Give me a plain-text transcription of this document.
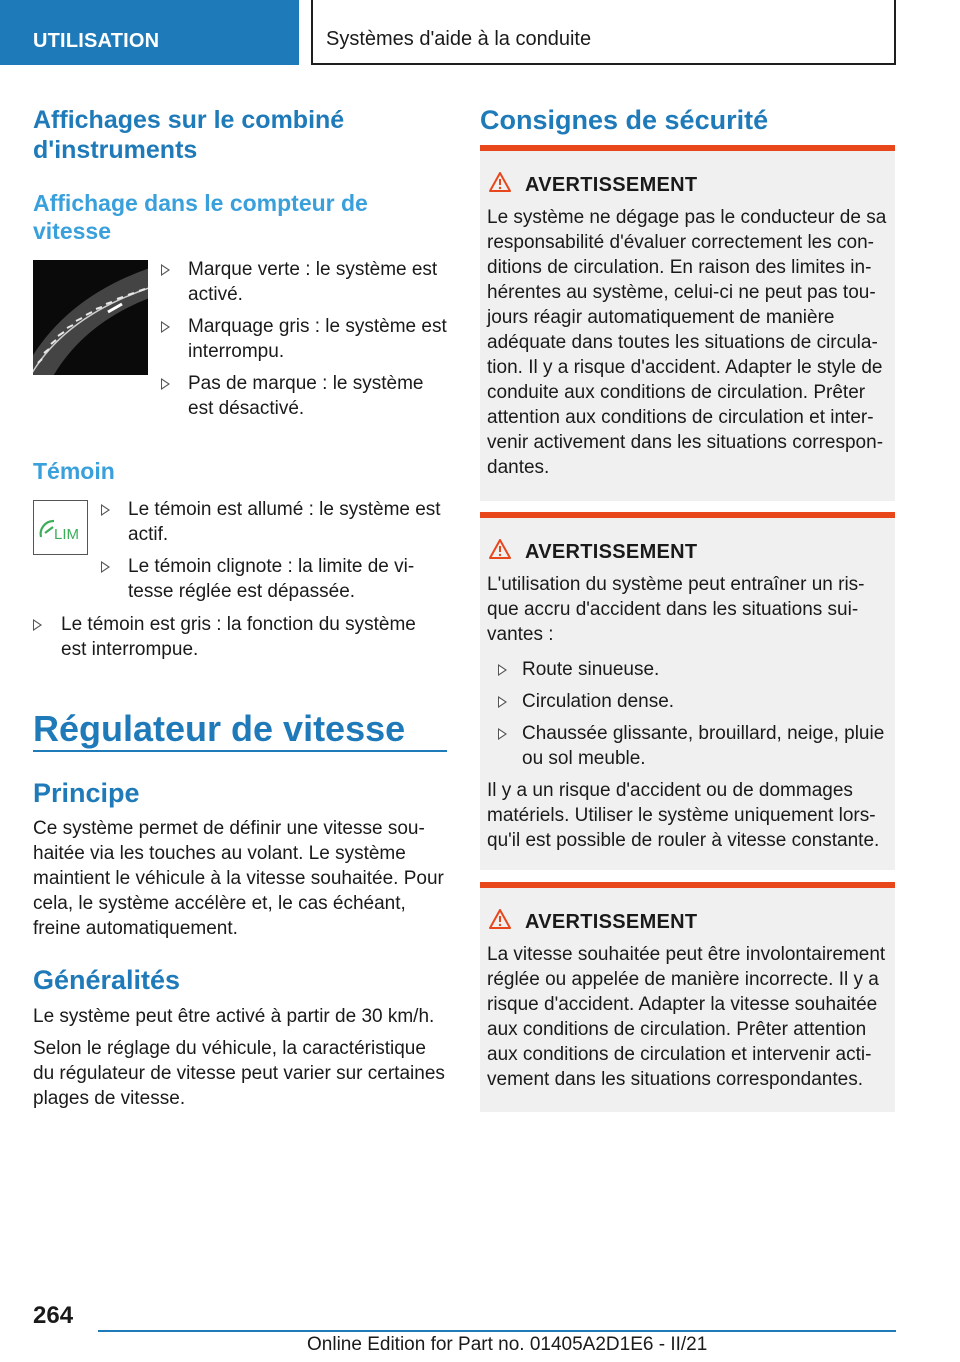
UTILISATION	Systèmes d'aide à la conduite
Affichages sur le combiné d'instruments
Affichage dans le compteur de vitesse
Marque verte : le système est activé.
Marquage gris : le système est interrompu.
Pas de marque : le système est désactivé.
Témoin
LIM
Le témoin est allumé : le système est actif.
Le témoin clignote : la limite de vi-tesse réglée est dépassée.
Le témoin est gris : la fonction du système est interrompue.
Régulateur de vitesse
Principe
Ce système permet de définir une vitesse sou-haitée via les touches au volant. Le système maintient le véhicule à la vitesse souhaitée. Pour cela, le système accélère et, le cas échéant, freine automatiquement.
Généralités
Le système peut être activé à partir de 30 km/h.
Selon le réglage du véhicule, la caractéristique du régulateur de vitesse peut varier sur certaines plages de vitesse.
Consignes de sécurité
AVERTISSEMENT
Le système ne dégage pas le conducteur de sa responsabilité d'évaluer correctement les con-ditions de circulation. En raison des limites in-hérentes au système, celui-ci ne peut pas tou-jours réagir automatiquement de manière adéquate dans toutes les situations de circula-tion. Il y a risque d'accident. Adapter le style de conduite aux conditions de circulation. Prêter attention aux conditions de circulation et inter-venir activement dans les situations correspon-dantes.
AVERTISSEMENT
L'utilisation du système peut entraîner un ris-que accru d'accident dans les situations sui-vantes :
Route sinueuse.
Circulation dense.
Chaussée glissante, brouillard, neige, pluie ou sol meuble.
Il y a un risque d'accident ou de dommages matériels. Utiliser le système uniquement lors-qu'il est possible de rouler à vitesse constante.
AVERTISSEMENT
La vitesse souhaitée peut être involontairement réglée ou appelée de manière incorrecte. Il y a risque d'accident. Adapter la vitesse souhaitée aux conditions de circulation. Prêter attention aux conditions de circulation et intervenir acti-vement dans les situations correspondantes.
264
Online Edition for Part no. 01405A2D1E6 - II/21
